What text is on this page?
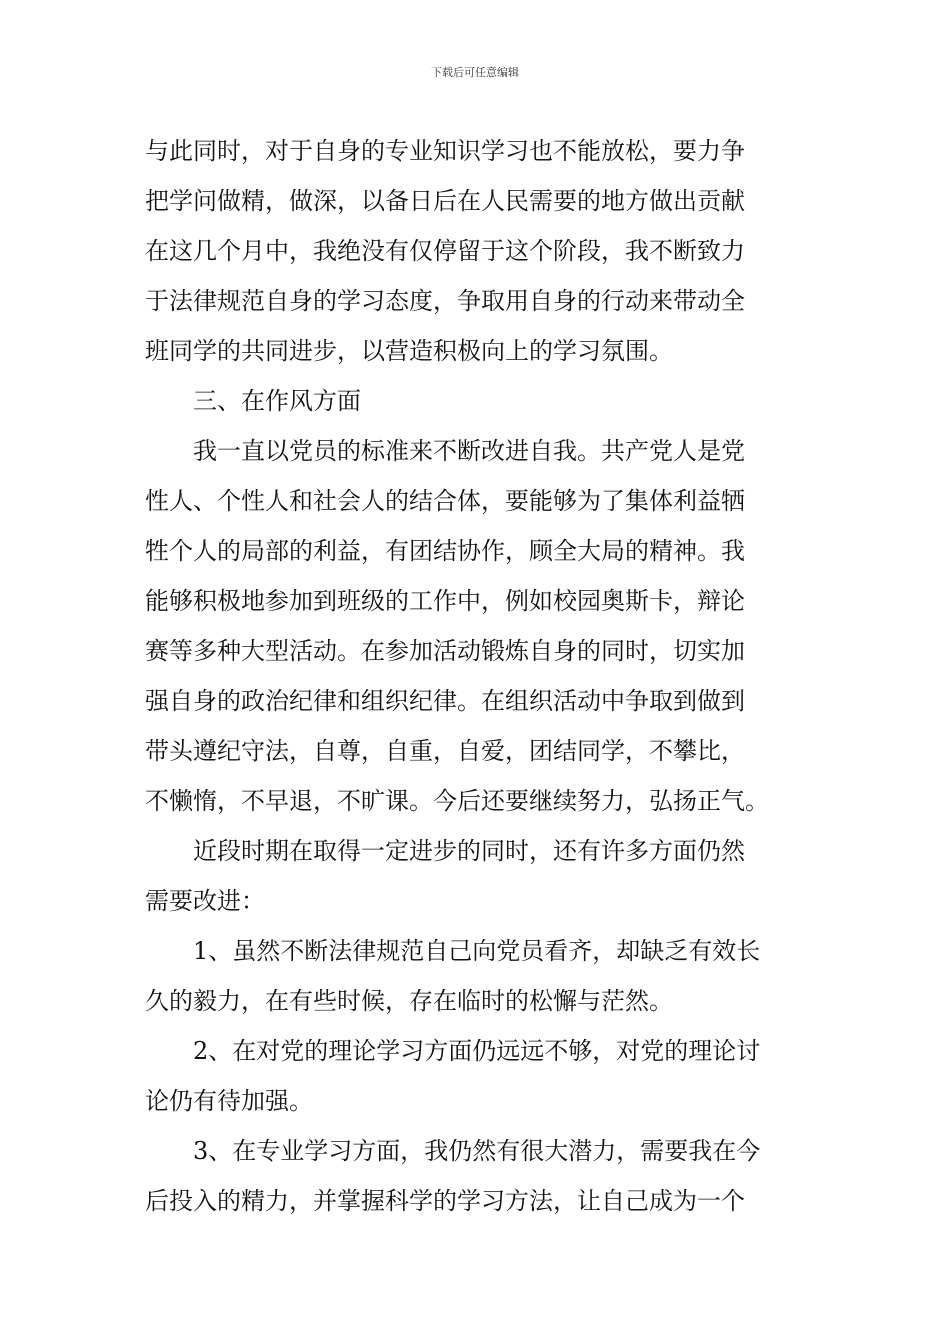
下载后可任意编辑
与此同时，对于自身的专业知识学习也不能放松，要力争
把学问做精，做深，以备日后在人民需要的地方做出贡献
在这几个月中，我绝没有仅停留于这个阶段，我不断致力
于法律规范自身的学习态度，争取用自身的行动来带动全
班同学的共同进步，以营造积极向上的学习氛围。
三、在作风方面
我一直以党员的标准来不断改进自我。共产党人是党
性人、个性人和社会人的结合体，要能够为了集体利益牺
牲个人的局部的利益，有团结协作，顾全大局的精神。我
能够积极地参加到班级的工作中，例如校园奥斯卡，辩论
赛等多种大型活动。在参加活动锻炼自身的同时，切实加
强自身的政治纪律和组织纪律。在组织活动中争取到做到
带头遵纪守法，自尊，自重，自爱，团结同学，不攀比，
不懒惰，不早退，不旷课。今后还要继续努力，弘扬正气。
近段时期在取得一定进步的同时，还有许多方面仍然
需要改进：
1、虽然不断法律规范自己向党员看齐，却缺乏有效长
久的毅力，在有些时候，存在临时的松懈与茫然。
2、在对党的理论学习方面仍远远不够，对党的理论讨
论仍有待加强。
3、在专业学习方面，我仍然有很大潜力，需要我在今
后投入的精力，并掌握科学的学习方法，让自己成为一个
